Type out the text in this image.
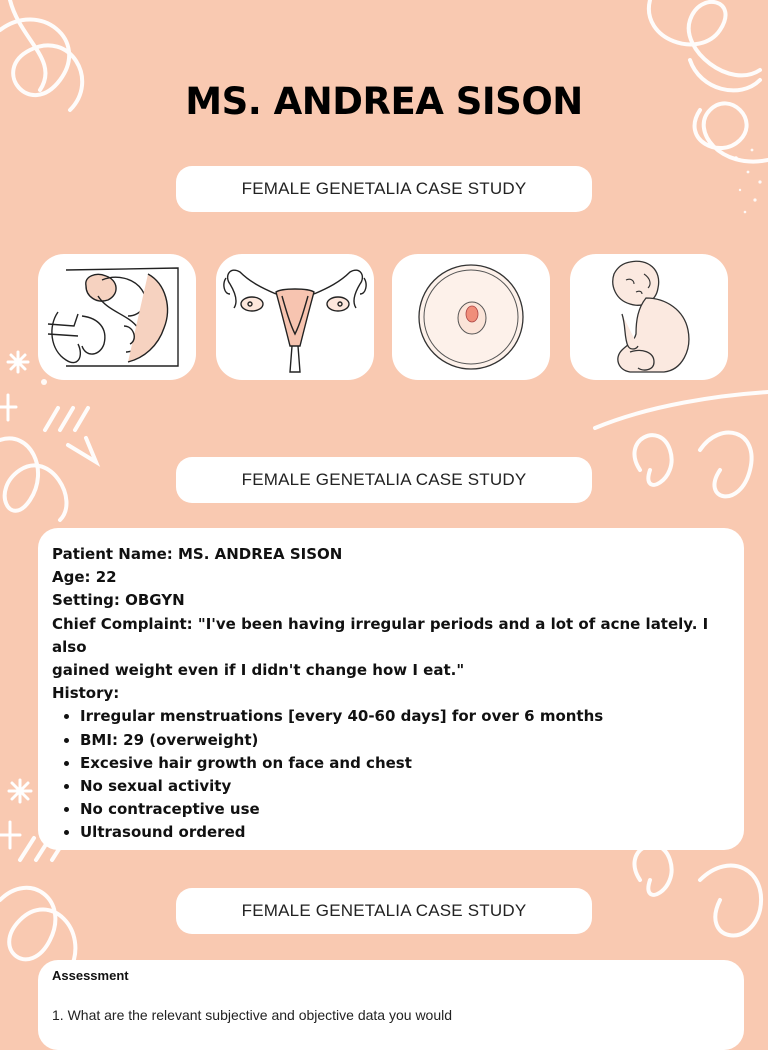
MS. ANDREA SISON
FEMALE GENETALIA CASE STUDY
FEMALE GENETALIA CASE STUDY
Patient Name: MS. ANDREA SISON
Age: 22
Setting: OBGYN
Chief Complaint: "I've been having irregular periods and a lot of acne lately. I also
gained weight even if I didn't change how I eat."
History:
• Irregular menstruations [every 40-60 days] for over 6 months
• BMI: 29 (overweight)
• Excesive hair growth on face and chest
• No sexual activity
• No contraceptive use
• Ultrasound ordered
FEMALE GENETALIA CASE STUDY
Assessment
1. What are the relevant subjective and objective data you would
